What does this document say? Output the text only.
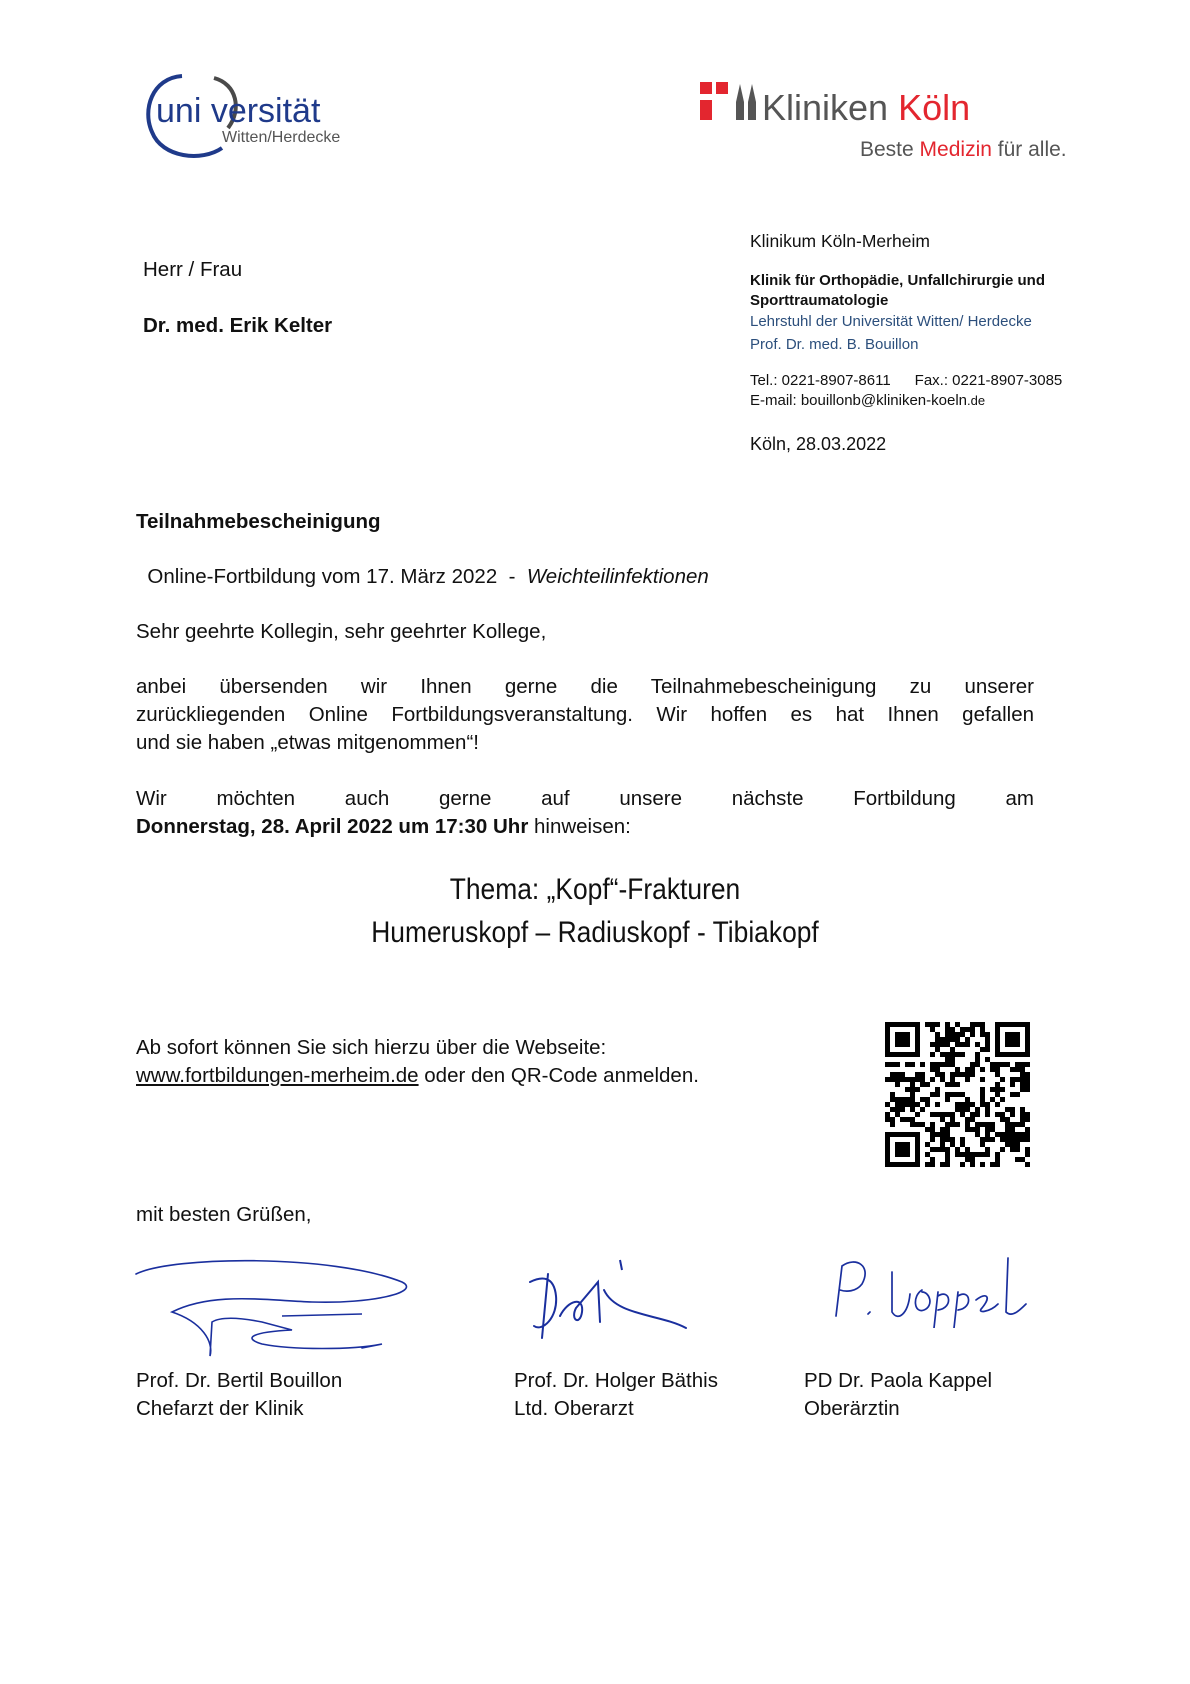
uni versität
Witten/Herdecke
Kliniken Köln
Beste Medizin für alle.
Herr / Frau
Dr. med. Erik Kelter
Klinikum Köln-Merheim
Klinik für Orthopädie, Unfallchirurgie und
Sporttraumatologie
Lehrstuhl der Universität Witten/ Herdecke
Prof. Dr. med. B. Bouillon
Tel.: 0221-8907-8611 Fax.: 0221-8907-3085
E-mail: bouillonb@kliniken-koeln.de
Köln, 28.03.2022
Teilnahmebescheinigung

Online-Fortbildung vom 17. März 2022  -  Weichteilinfektionen

Sehr geehrte Kollegin, sehr geehrter Kollege,
anbei übersenden wir Ihnen gerne die Teilnahmebescheinigung zu unserer
zurückliegenden Online Fortbildungsveranstaltung. Wir hoffen es hat Ihnen gefallen
und sie haben „etwas mitgenommen“!
Wir möchten auch gerne auf unsere nächste Fortbildung am
Donnerstag, 28. April 2022 um 17:30 Uhr hinweisen:
Thema: „Kopf“-Frakturen
Humeruskopf – Radiuskopf - Tibiakopf
Ab sofort können Sie sich hierzu über die Webseite:
www.fortbildungen-merheim.de oder den QR-Code anmelden.
mit besten Grüßen,
Prof. Dr. Bertil Bouillon
Chefarzt der Klinik
Prof. Dr. Holger Bäthis
Ltd. Oberarzt
PD Dr. Paola Kappel
Oberärztin
